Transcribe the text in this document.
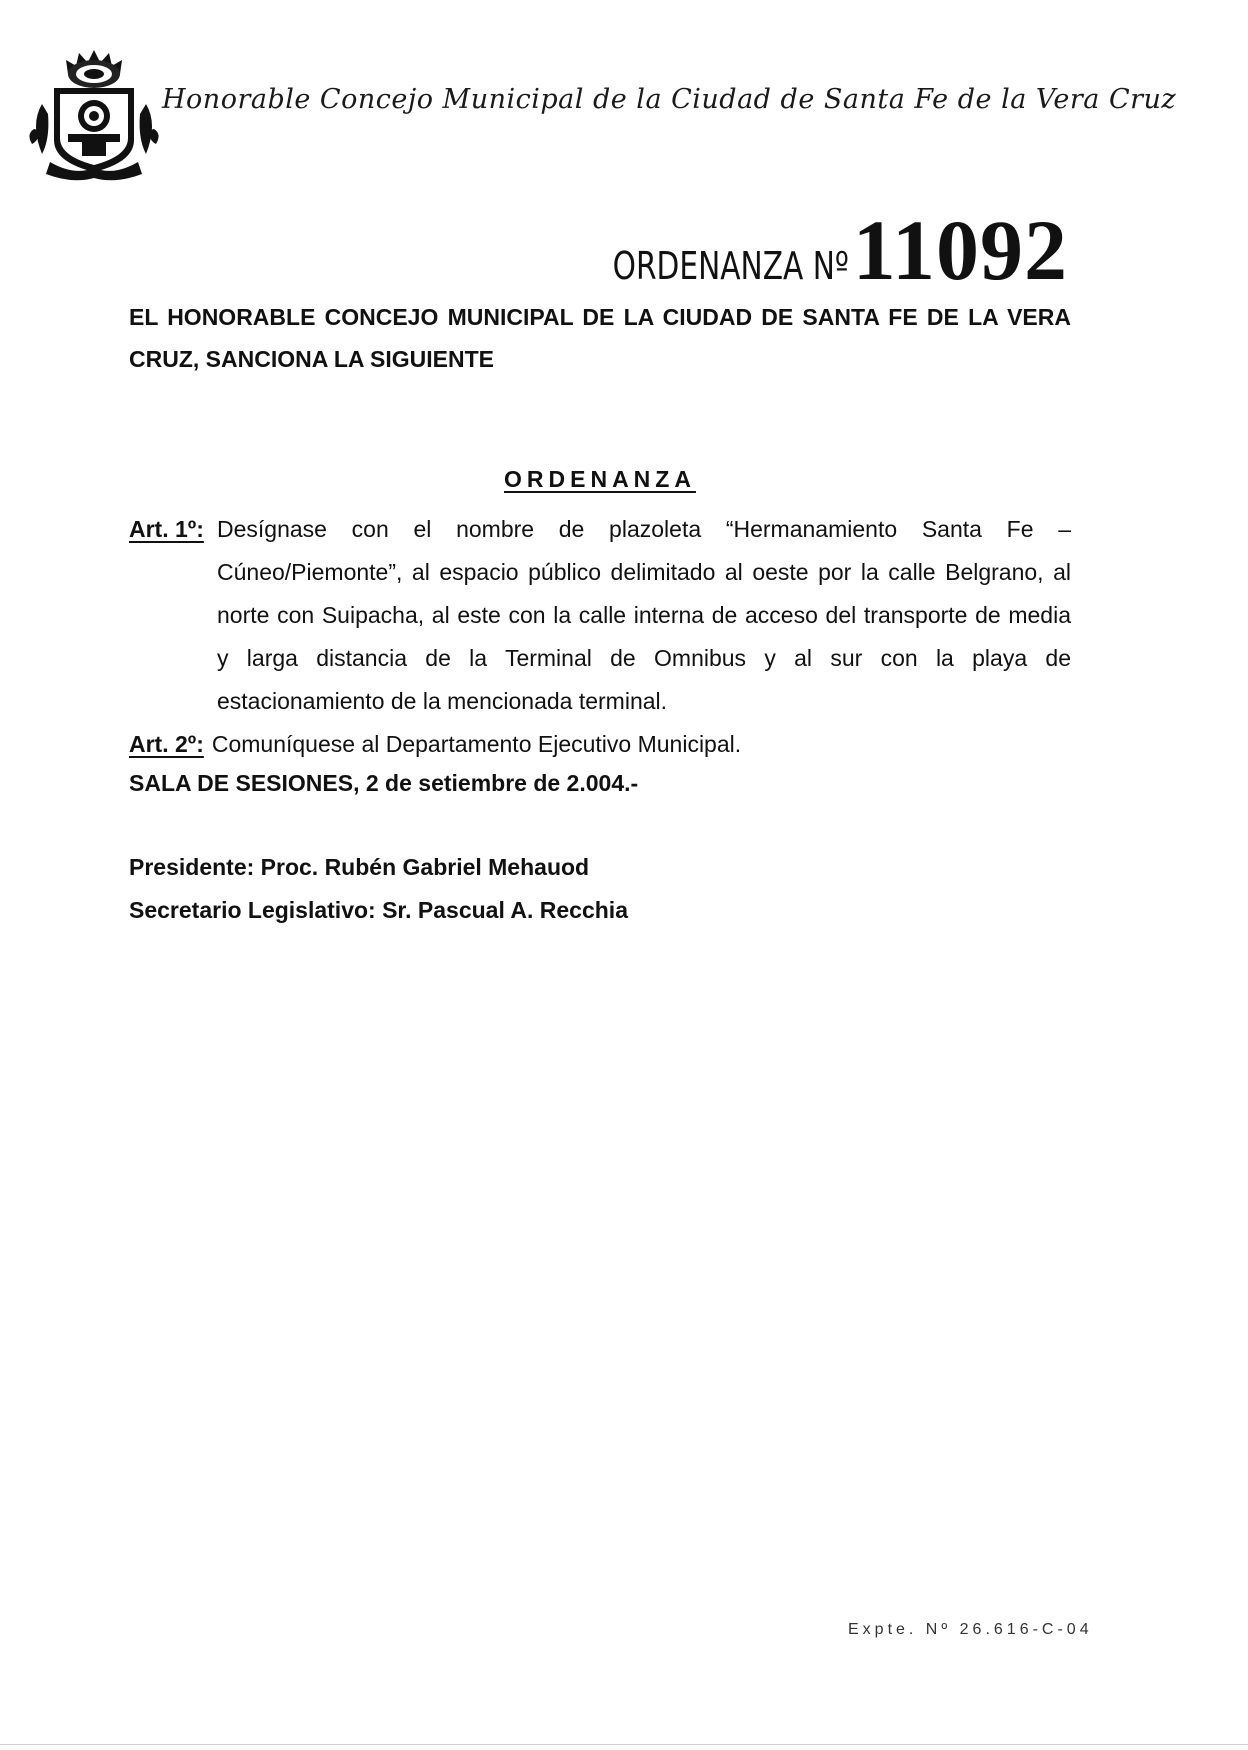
Honorable Concejo Municipal de la Ciudad de Santa Fe de la Vera Cruz
ORDENANZA Nº 11092
EL HONORABLE CONCEJO MUNICIPAL DE LA CIUDAD DE SANTA FE DE LA VERA CRUZ, SANCIONA LA SIGUIENTE
ORDENANZA
Art. 1º: Desígnase con el nombre de plazoleta “Hermanamiento Santa Fe – Cúneo/Piemonte”, al espacio público delimitado al oeste por la calle Belgrano, al norte con Suipacha, al este con la calle interna de acceso del transporte de media y larga distancia de la Terminal de Omnibus y al sur con la playa de estacionamiento de la mencionada terminal.
Art. 2º: Comuníquese al Departamento Ejecutivo Municipal.
SALA DE SESIONES, 2 de setiembre de 2.004.-
Presidente: Proc. Rubén Gabriel Mehauod
Secretario Legislativo: Sr. Pascual A. Recchia
Expte. Nº 26.616-C-04
